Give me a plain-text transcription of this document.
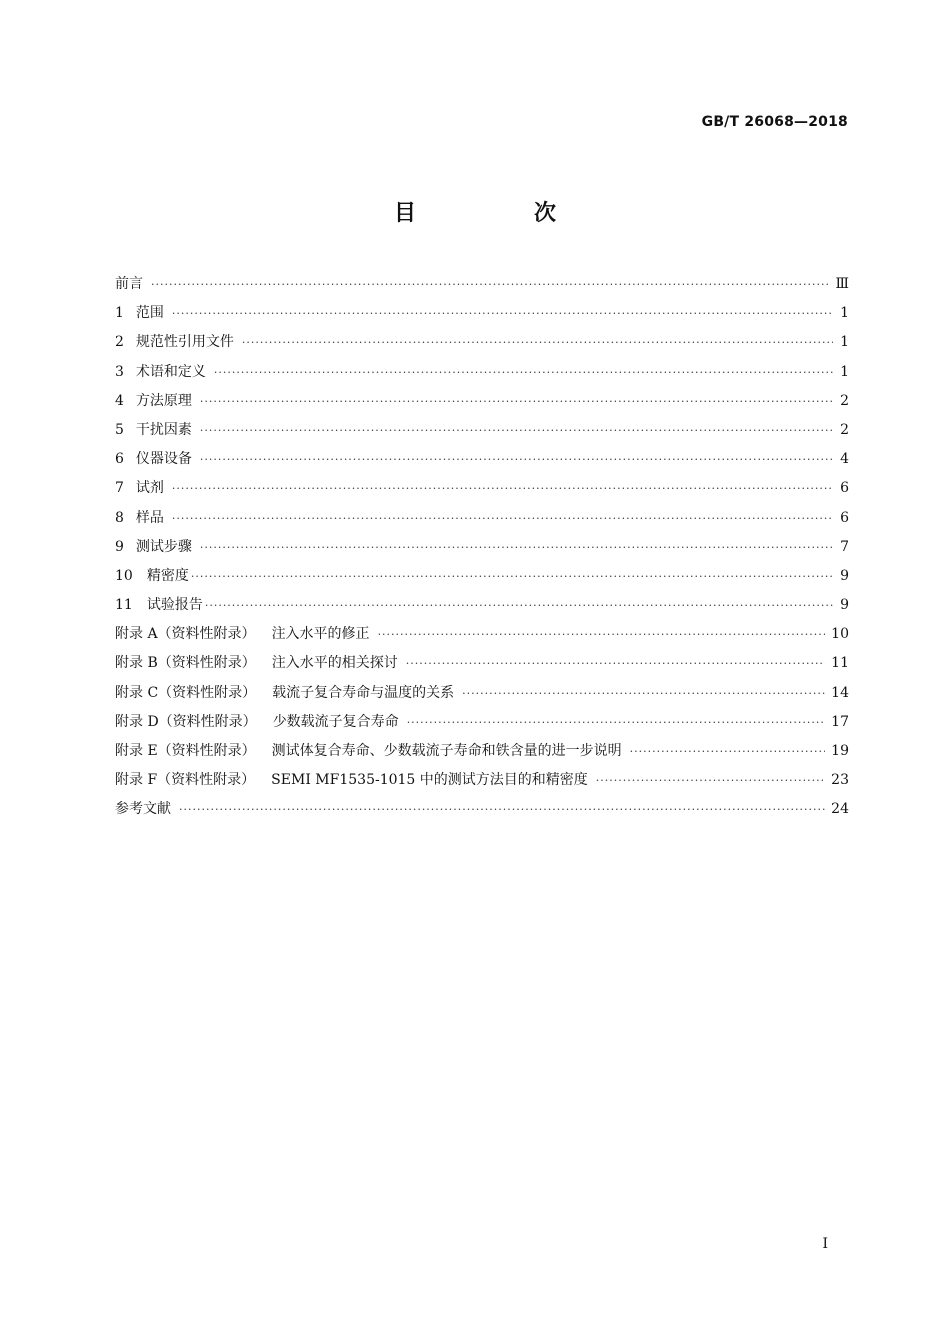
GB/T 26068—2018
目　次
前言 ·····	Ⅲ
1 范围 ·····	1
2 规范性引用文件 ·····	1
3 术语和定义 ·····	1
4 方法原理 ·····	2
5 干扰因素 ·····	2
6 仪器设备 ·····	4
7 试剂 ·····	6
8 样品 ·····	6
9 测试步骤 ·····	7
10 精密度 ·····	9
11 试验报告 ·····	9
附录 A（资料性附录） 注入水平的修正 ·····	10
附录 B（资料性附录） 注入水平的相关探讨 ·····	11
附录 C（资料性附录） 载流子复合寿命与温度的关系 ·····	14
附录 D（资料性附录） 少数载流子复合寿命 ·····	17
附录 E（资料性附录） 测试体复合寿命、少数载流子寿命和铁含量的进一步说明 ·····	19
附录 F（资料性附录） SEMI MF1535-1015 中的测试方法目的和精密度 ·····	23
参考文献 ·····	24
I
